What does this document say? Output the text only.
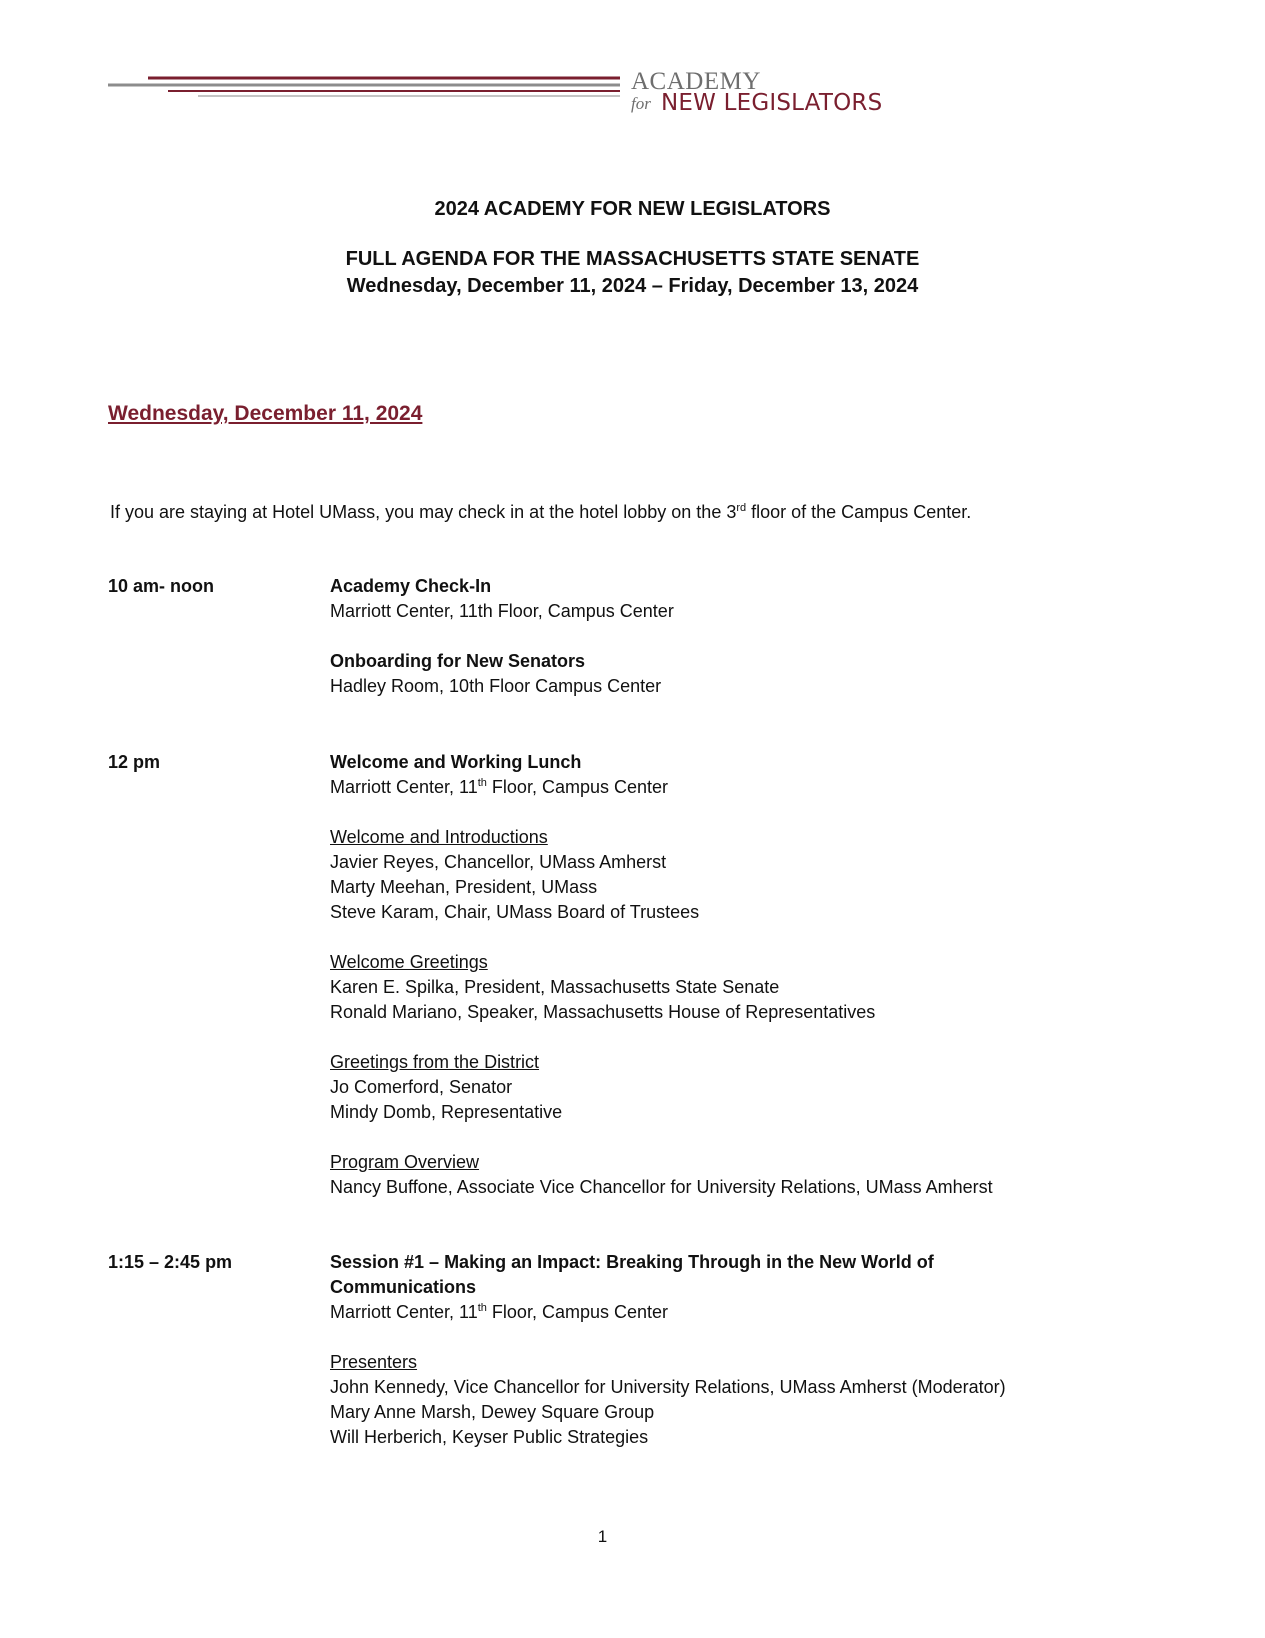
ACADEMY
for NEW LEGISLATORS
2024 ACADEMY FOR NEW LEGISLATORS
FULL AGENDA FOR THE MASSACHUSETTS STATE SENATE
Wednesday, December 11, 2024 – Friday, December 13, 2024
Wednesday, December 11, 2024
If you are staying at Hotel UMass, you may check in at the hotel lobby on the 3rd floor of the Campus Center.
10 am- noon	Academy Check-In
Marriott Center, 11th Floor, Campus Center
Onboarding for New Senators
Hadley Room, 10th Floor Campus Center
12 pm	Welcome and Working Lunch
Marriott Center, 11th Floor, Campus Center
Welcome and Introductions
Javier Reyes, Chancellor, UMass Amherst
Marty Meehan, President, UMass
Steve Karam, Chair, UMass Board of Trustees
Welcome Greetings
Karen E. Spilka, President, Massachusetts State Senate
Ronald Mariano, Speaker, Massachusetts House of Representatives
Greetings from the District
Jo Comerford, Senator
Mindy Domb, Representative
Program Overview
Nancy Buffone, Associate Vice Chancellor for University Relations, UMass Amherst
1:15 – 2:45 pm	Session #1 – Making an Impact: Breaking Through in the New World of
Communications
Marriott Center, 11th Floor, Campus Center
Presenters
John Kennedy, Vice Chancellor for University Relations, UMass Amherst (Moderator)
Mary Anne Marsh, Dewey Square Group
Will Herberich, Keyser Public Strategies
1
